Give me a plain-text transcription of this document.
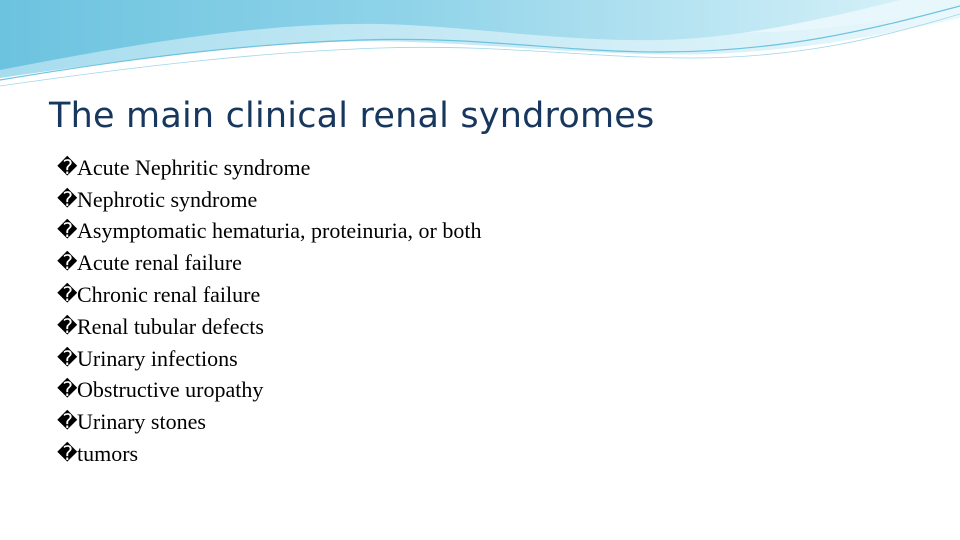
The main clinical renal syndromes
� Acute Nephritic syndrome
� Nephrotic syndrome
� Asymptomatic hematuria, proteinuria, or both
� Acute renal failure
� Chronic renal failure
� Renal tubular defects
� Urinary infections
� Obstructive uropathy
� Urinary stones
� tumors
